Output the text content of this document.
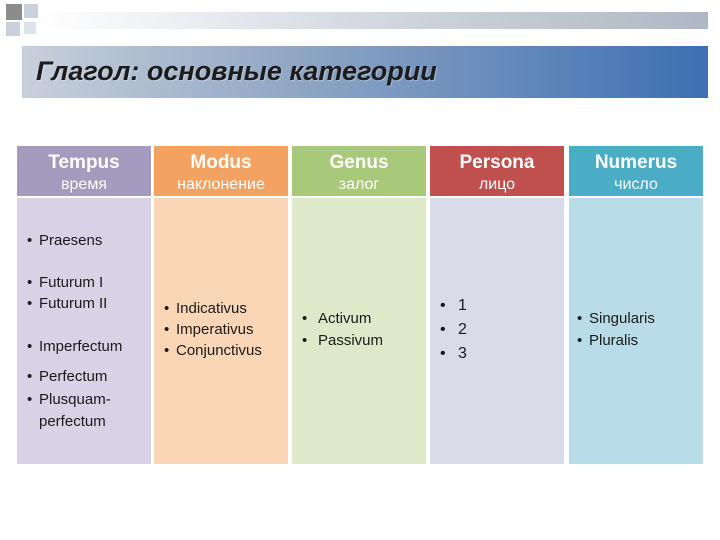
Глагол: основные категории
Tempus
время
• Praesens
• Futurum I
• Futurum II
• Imperfectum
• Perfectum
• Plusquam-
perfectum
Modus
наклонение
• Indicativus
• Imperativus
• Conjunctivus
Genus
залог
• Activum
• Passivum
Persona
лицо
• 1
• 2
• 3
Numerus
число
• Singularis
• Pluralis
